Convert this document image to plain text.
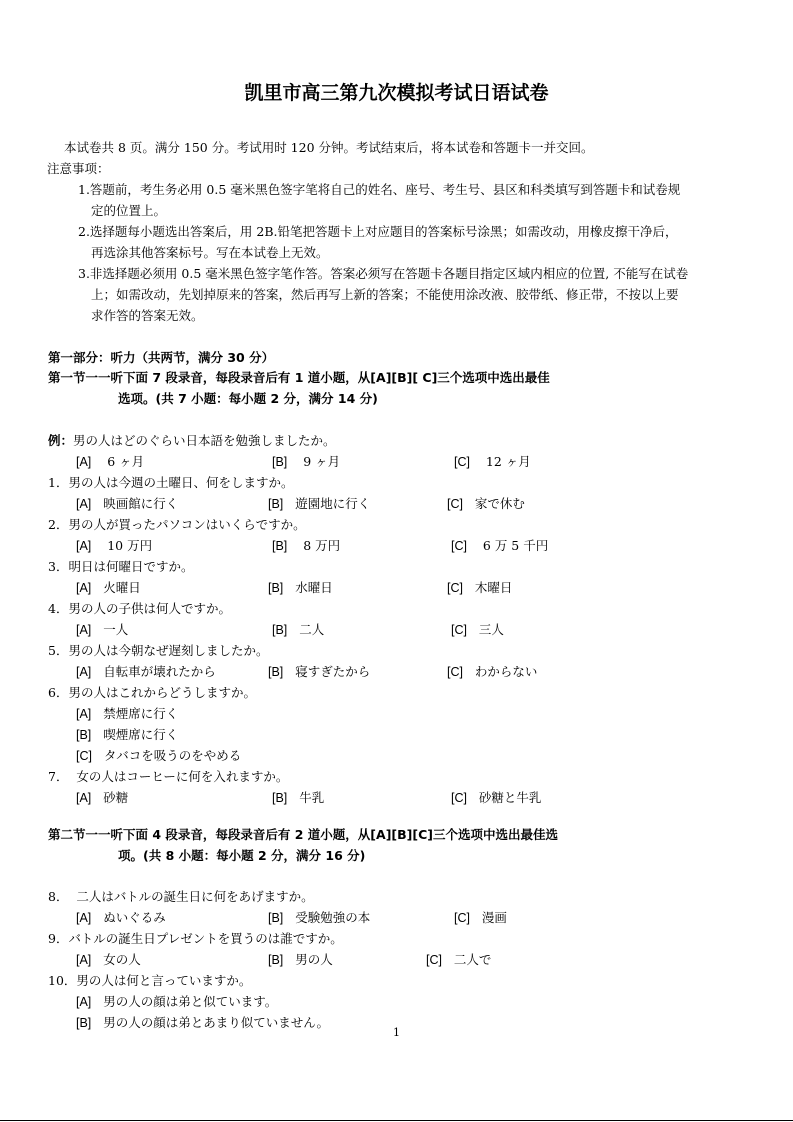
凯里市高三第九次模拟考试日语试卷
本试卷共 8 页。满分 150 分。考试用时 120 分钟。考试结束后，将本试卷和答题卡一并交回。
注意事项：
1.答题前，考生务必用 0.5 毫米黑色签字笔将自己的姓名、座号、考生号、县区和科类填写到答题卡和试卷规
定的位置上。
2.选择题每小题选出答案后，用 2B.铅笔把答题卡上对应题目的答案标号涂黑；如需改动，用橡皮擦干净后，
再选涂其他答案标号。写在本试卷上无效。
3.非选择题必须用 0.5 毫米黑色签字笔作答。答案必须写在答题卡各题目指定区域内相应的位置, 不能写在试卷
上；如需改动，先划掉原来的答案，然后再写上新的答案；不能使用涂改液、胶带纸、修正带，不按以上要
求作答的答案无效。
第一部分：听力（共两节，满分 30 分）
第一节一一听下面 7 段录音，每段录音后有 1 道小题，从[A][B][ C]三个选项中选出最佳
选项。(共 7 小题：每小题 2 分，满分 14 分)
例：男の人はどのぐらい日本語を勉強しましたか。
[A] 6 ヶ月	[B] 9 ヶ月	[C] 12 ヶ月
1．男の人は今週の土曜日、何をしますか。
[A] 映画館に行く	[B] 遊園地に行く	[C] 家で休む
2．男の人が買ったパソコンはいくらですか。
[A] 10 万円	[B] 8 万円	[C] 6 万 5 千円
3．明日は何曜日ですか。
[A] 火曜日	[B] 水曜日	[C] 木曜日
4．男の人の子供は何人ですか。
[A] 一人	[B] 二人	[C] 三人
5．男の人は今朝なぜ遅刻しましたか。
[A] 自転車が壊れたから	[B] 寝すぎたから	[C] わからない
6．男の人はこれからどうしますか。
[A] 禁煙席に行く
[B] 喫煙席に行く
[C] タバコを吸うのをやめる
7． 女の人はコーヒーに何を入れますか。
[A] 砂糖	[B] 牛乳	[C] 砂糖と牛乳
第二节一一听下面 4 段录音，每段录音后有 2 道小题，从[A][B][C]三个选项中选出最佳选
项。(共 8 小题：每小题 2 分，满分 16 分)
8． 二人はバトルの誕生日に何をあげますか。
[A] ぬいぐるみ	[B] 受験勉強の本	[C] 漫画
9．バトルの誕生日プレゼントを買うのは誰ですか。
[A] 女の人	[B] 男の人	[C] 二人で
10．男の人は何と言っていますか。
[A] 男の人の顔は弟と似ています。
[B] 男の人の顔は弟とあまり似ていません。
1
